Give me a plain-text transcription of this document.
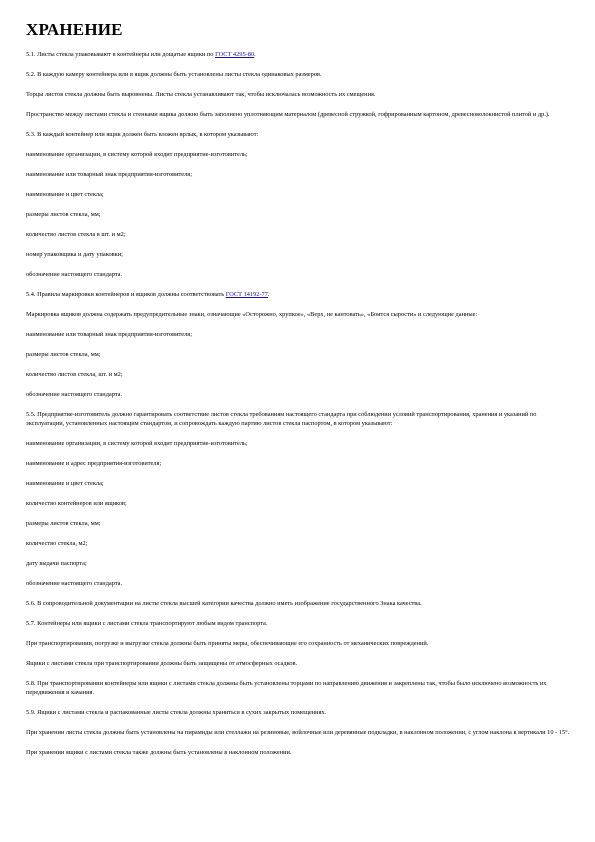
ХРАНЕНИЕ
5.1. Листы стекла упаковывают в контейнеры или дощатые ящики по ГОСТ 4295-80.
5.2. В каждую камеру контейнера или в ящик должны быть установлены листы стекла одинаковых размеров.
Торцы листов стекла должны быть выровнены. Листы стекла устанавливают так, чтобы исключалась возможность их смещения.
Пространство между листами стекла и стенками ящика должно быть заполнено уплотняющим материалом (древесной стружкой, гофрированным картоном, древесноволокнистой плитой и др.).
5.3. В каждый контейнер или ящик должен быть вложен ярлык, в котором указывают:
наименование организации, в систему которой входит предприятие-изготовитель;
наименование или товарный знак предприятия-изготовителя;
наименование и цвет стекла;
размеры листов стекла, мм;
количество листов стекла в шт. и м2;
номер упаковщика и дату упаковки;
обозначение настоящего стандарта.
5.4. Правила маркировки контейнеров и ящиков должны соответствовать ГОСТ 14192-77.
Маркировка ящиков должна содержать предупредительные знаки, означающие «Осторожно, хрупкое», «Верх, не кантовать», «Боится сырости» и следующие данные:
наименование или товарный знак предприятия-изготовителя;
размеры листов стекла, мм;
количество листов стекла, шт. и м2;
обозначение настоящего стандарта.
5.5. Предприятие-изготовитель должно гарантировать соответствие листов стекла требованиям настоящего стандарта при соблюдении условий транспортирования, хранения и указаний по эксплуатации, установленных настоящим стандартом, и сопровождать каждую партию листов стекла паспортом, в котором указывают:
наименование организации, в систему которой входит предприятие-изготовитель;
наименование и адрес предприятия-изготовителя;
наименование и цвет стекла;
количество контейнеров или ящиков;
размеры листов стекла, мм;
количество стекла, м2;
дату выдачи паспорта;
обозначение настоящего стандарта.
5.6. В сопроводительной документации на листы стекла высшей категории качества должно иметь изображение государственного Знака качества.
5.7. Контейнеры или ящики с листами стекла транспортируют любым видом транспорта.
При транспортировании, погрузке и выгрузке стекла должны быть приняты меры, обеспечивающие его сохранность от механических повреждений.
Ящики с листами стекла при транспортировании должны быть защищены от атмосферных осадков.
5.8. При транспортировании контейнеры или ящики с листами стекла должны быть установлены торцами по направлению движения и закреплены так, чтобы было исключено возможность их передвижения и качания.
5.9. Ящики с листами стекла и распакованные листы стекла должны храниться в сухих закрытых помещениях.
При хранении листы стекла должны быть установлены на пирамиды или стеллажи на резиновые, войлочные или деревянные подкладки, в наклонном положении, с углом наклона к вертикали 10 - 15°.
При хранении ящики с листами стекла также должны быть установлены в наклонном положении.
